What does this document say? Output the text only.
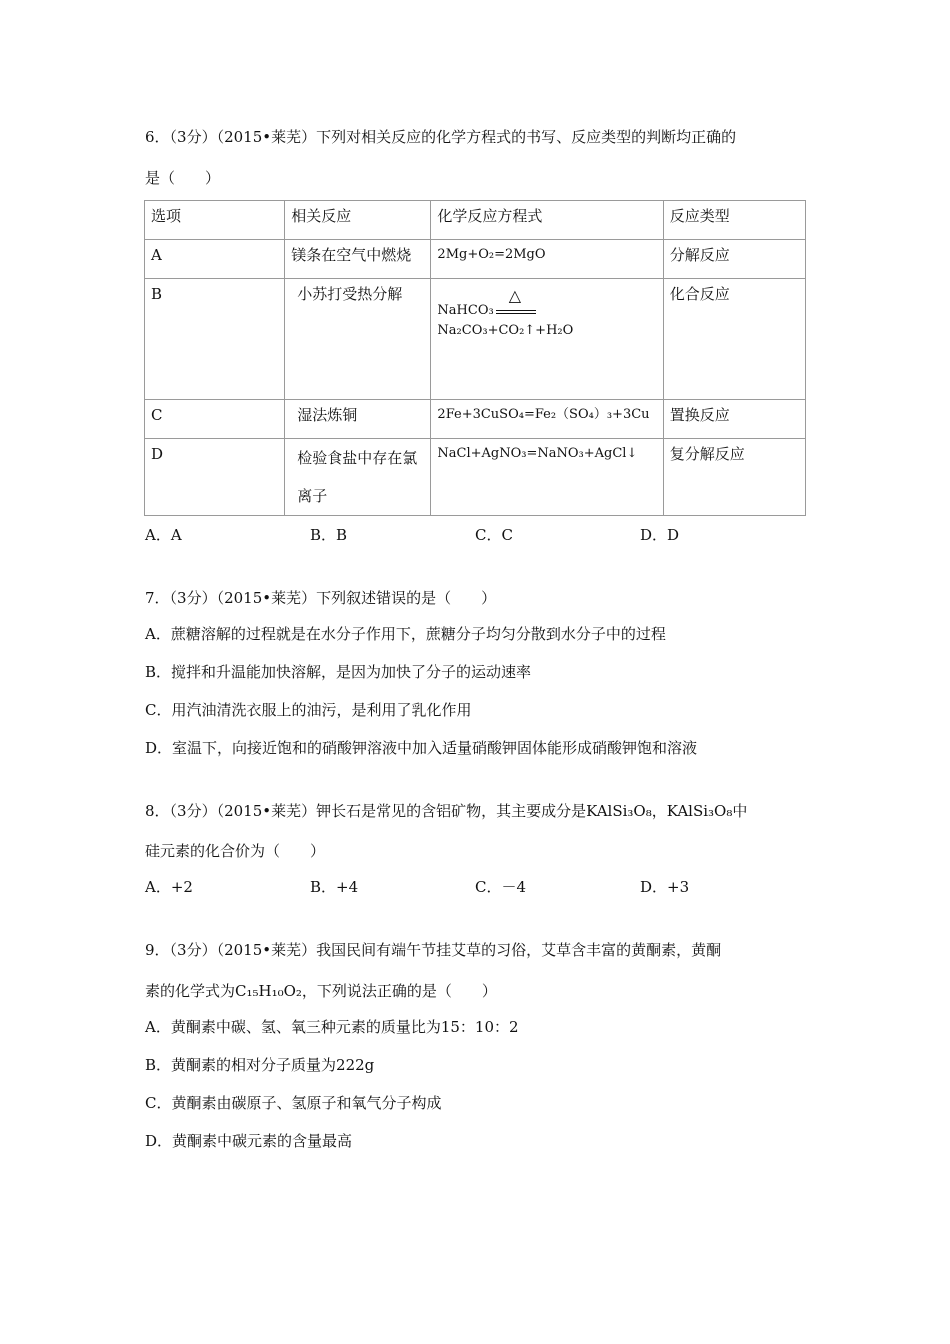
6．（3分）（2015•莱芜）下列对相关反应的化学方程式的书写、反应类型的判断均正确的
是（　　）
选项	相关反应	化学反应方程式	反应类型
A	镁条在空气中燃烧	2Mg+O₂=2MgO	分解反应
B	小苏打受热分解	NaHCO₃
△
Na₂CO₃+CO₂↑+H₂O	化合反应
C	湿法炼铜	2Fe+3CuSO₄=Fe₂（SO₄）₃+3Cu	置换反应
D	检验食盐中存在氯离子	NaCl+AgNO₃=NaNO₃+AgCl↓	复分解反应
A．A	B．B	C．C	D．D
7．（3分）（2015•莱芜）下列叙述错误的是（　　）
A．蔗糖溶解的过程就是在水分子作用下，蔗糖分子均匀分散到水分子中的过程
B．搅拌和升温能加快溶解，是因为加快了分子的运动速率
C．用汽油清洗衣服上的油污，是利用了乳化作用
D．室温下，向接近饱和的硝酸钾溶液中加入适量硝酸钾固体能形成硝酸钾饱和溶液
8．（3分）（2015•莱芜）钾长石是常见的含铝矿物，其主要成分是KAlSi₃O₈，KAlSi₃O₈中
硅元素的化合价为（　　）
A．+2	B．+4	C．－4	D．+3
9．（3分）（2015•莱芜）我国民间有端午节挂艾草的习俗，艾草含丰富的黄酮素，黄酮
素的化学式为C₁₅H₁₀O₂，下列说法正确的是（　　）
A．黄酮素中碳、氢、氧三种元素的质量比为15：10：2
B．黄酮素的相对分子质量为222g
C．黄酮素由碳原子、氢原子和氧气分子构成
D．黄酮素中碳元素的含量最高
